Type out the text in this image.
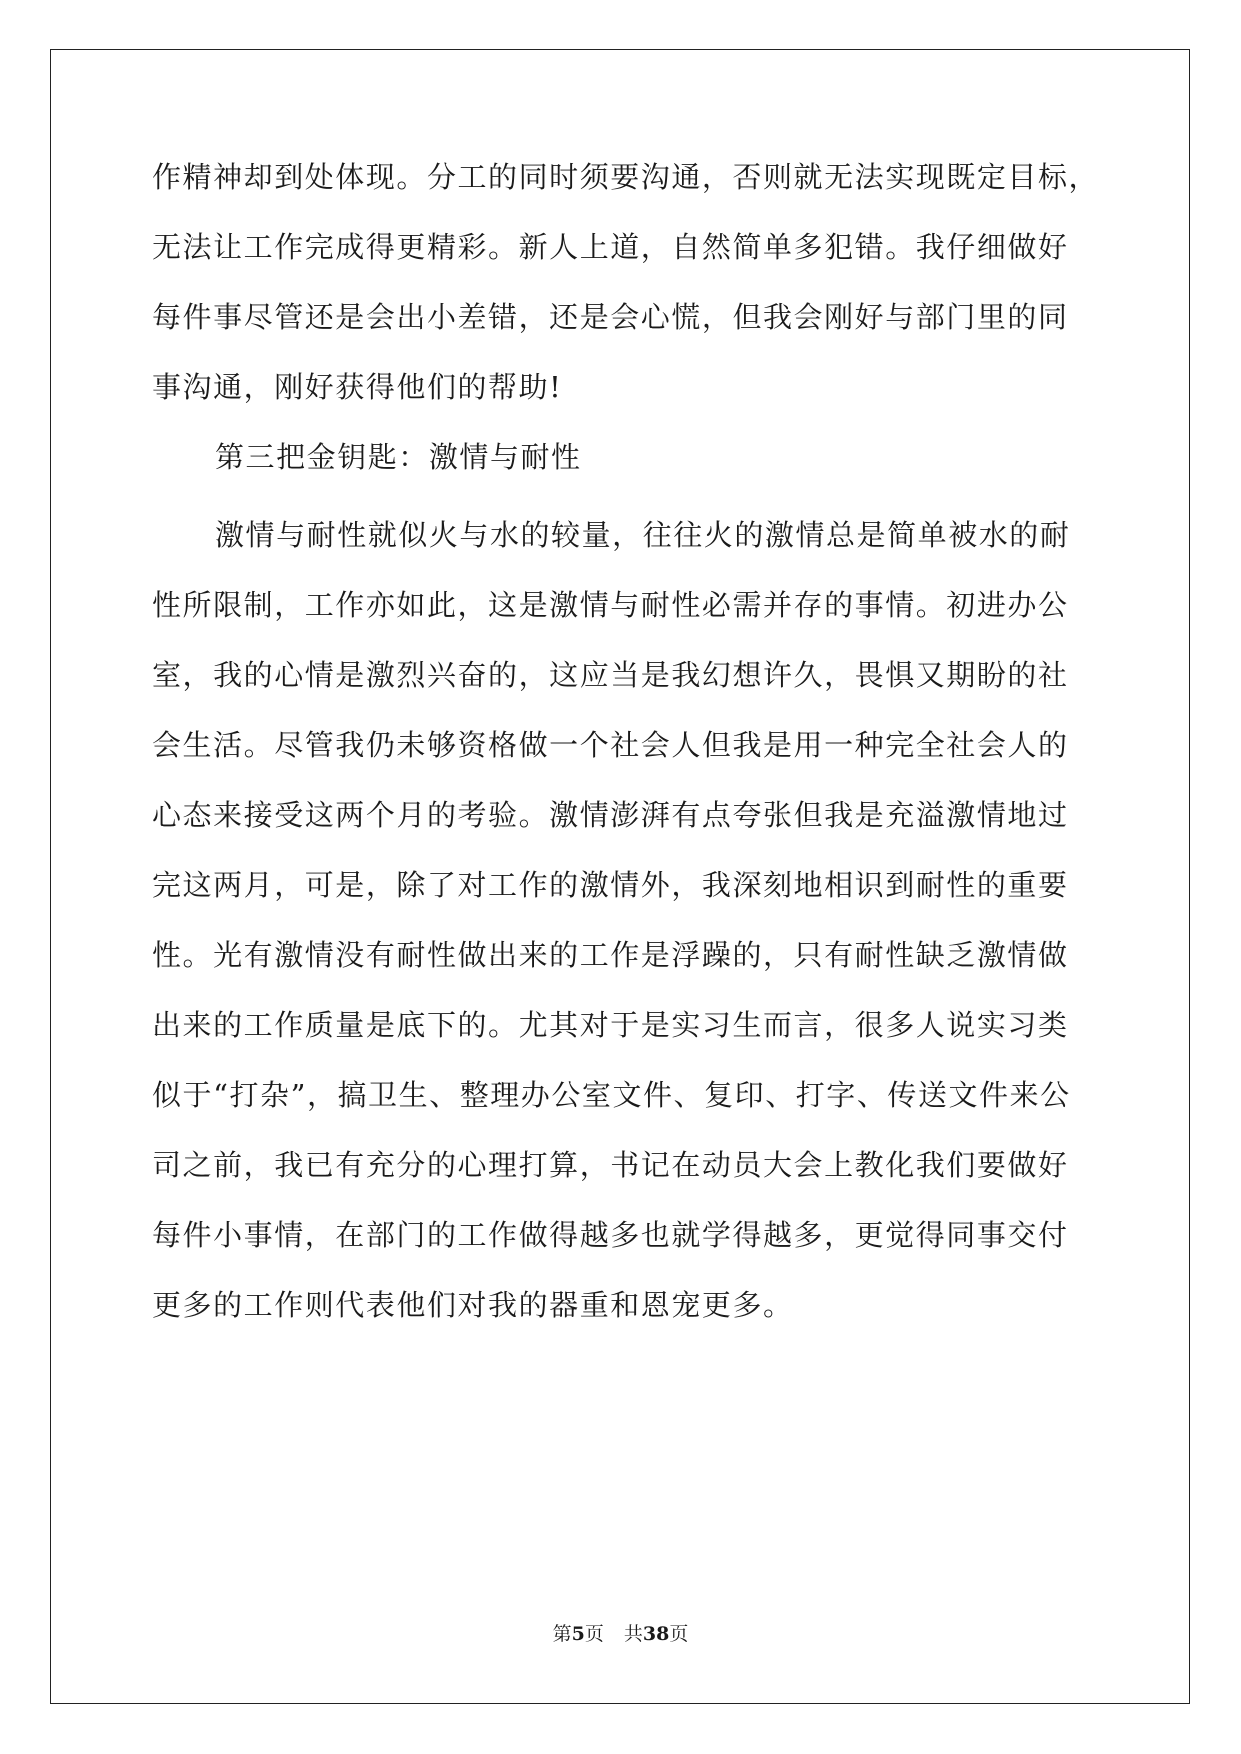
作精神却到处体现。分工的同时须要沟通，否则就无法实现既定目标，
无法让工作完成得更精彩。新人上道，自然简单多犯错。我仔细做好
每件事尽管还是会出小差错，还是会心慌，但我会刚好与部门里的同
事沟通，刚好获得他们的帮助!
第三把金钥匙：激情与耐性
激情与耐性就似火与水的较量，往往火的激情总是简单被水的耐
性所限制，工作亦如此，这是激情与耐性必需并存的事情。初进办公
室，我的心情是激烈兴奋的，这应当是我幻想许久，畏惧又期盼的社
会生活。尽管我仍未够资格做一个社会人但我是用一种完全社会人的
心态来接受这两个月的考验。激情澎湃有点夸张但我是充溢激情地过
完这两月，可是，除了对工作的激情外，我深刻地相识到耐性的重要
性。光有激情没有耐性做出来的工作是浮躁的，只有耐性缺乏激情做
出来的工作质量是底下的。尤其对于是实习生而言，很多人说实习类
似于“打杂”，搞卫生、整理办公室文件、复印、打字、传送文件来公
司之前，我已有充分的心理打算，书记在动员大会上教化我们要做好
每件小事情，在部门的工作做得越多也就学得越多，更觉得同事交付
更多的工作则代表他们对我的器重和恩宠更多。
第5页 共38页
